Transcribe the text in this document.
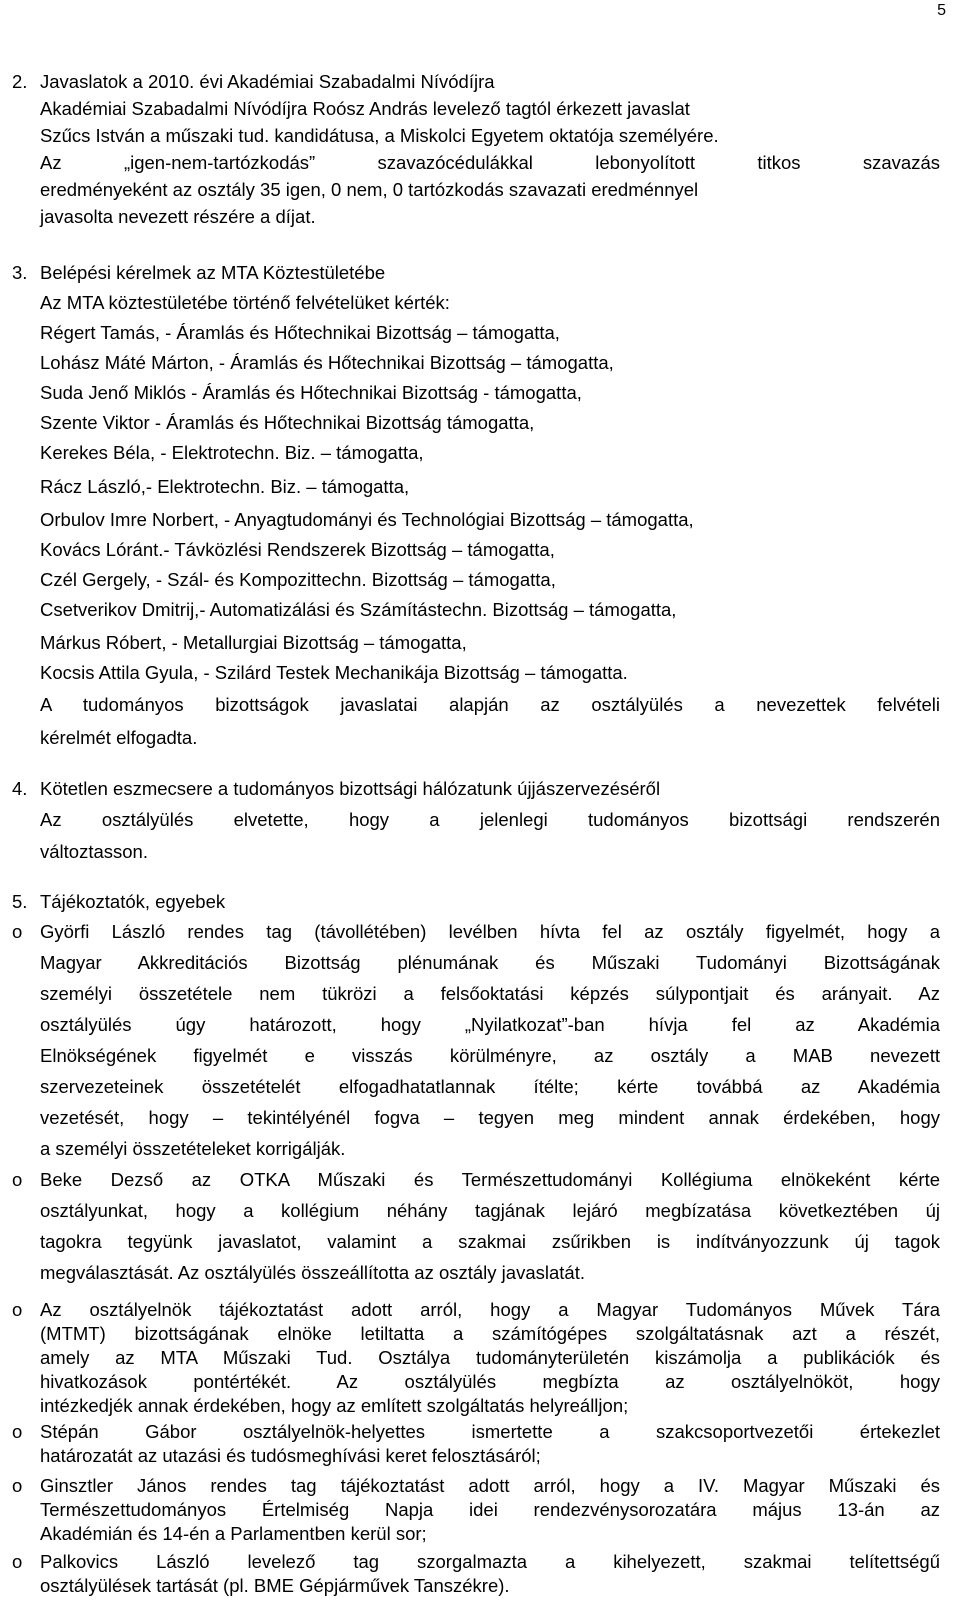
5
2. Javaslatok a 2010. évi Akadémiai Szabadalmi Nívódíjra
Akadémiai Szabadalmi Nívódíjra Roósz András levelező tagtól érkezett javaslat
Szűcs István a műszaki tud. kandidátusa, a Miskolci Egyetem oktatója személyére.
Az „igen-nem-tartózkodás” szavazócédulákkal lebonyolított titkos szavazás
eredményeként az osztály 35 igen, 0 nem, 0 tartózkodás szavazati eredménnyel
javasolta nevezett részére a díjat.
3. Belépési kérelmek az MTA Köztestületébe
Az MTA köztestületébe történő felvételüket kérték:
Régert Tamás, - Áramlás és Hőtechnikai Bizottság – támogatta,
Lohász Máté Márton, - Áramlás és Hőtechnikai Bizottság – támogatta,
Suda Jenő Miklós - Áramlás és Hőtechnikai Bizottság - támogatta,
Szente Viktor - Áramlás és Hőtechnikai Bizottság támogatta,
Kerekes Béla, - Elektrotechn. Biz. – támogatta,
Rácz László,- Elektrotechn. Biz. – támogatta,
Orbulov Imre Norbert, - Anyagtudományi és Technológiai Bizottság – támogatta,
Kovács Lóránt.- Távközlési Rendszerek Bizottság – támogatta,
Czél Gergely, - Szál- és Kompozittechn. Bizottság – támogatta,
Csetverikov Dmitrij,- Automatizálási és Számítástechn. Bizottság – támogatta,
Márkus Róbert, - Metallurgiai Bizottság – támogatta,
Kocsis Attila Gyula, - Szilárd Testek Mechanikája Bizottság – támogatta.
A tudományos bizottságok javaslatai alapján az osztályülés a nevezettek felvételi
kérelmét elfogadta.
4. Kötetlen eszmecsere a tudományos bizottsági hálózatunk újjászervezéséről
Az osztályülés elvetette, hogy a jelenlegi tudományos bizottsági rendszerén
változtasson.
5. Tájékoztatók, egyebek
o Györfi László rendes tag (távollétében) levélben hívta fel az osztály figyelmét, hogy a
Magyar Akkreditációs Bizottság plénumának és Műszaki Tudományi Bizottságának
személyi összetétele nem tükrözi a felsőoktatási képzés súlypontjait és arányait. Az
osztályülés úgy határozott, hogy „Nyilatkozat”-ban hívja fel az Akadémia
Elnökségének figyelmét e visszás körülményre, az osztály a MAB nevezett
szervezeteinek összetételét elfogadhatatlannak ítélte; kérte továbbá az Akadémia
vezetését, hogy – tekintélyénél fogva – tegyen meg mindent annak érdekében, hogy
a személyi összetételeket korrigálják.
o Beke Dezső az OTKA Műszaki és Természettudományi Kollégiuma elnökeként kérte
osztályunkat, hogy a kollégium néhány tagjának lejáró megbízatása következtében új
tagokra tegyünk javaslatot, valamint a szakmai zsűrikben is indítványozzunk új tagok
megválasztását. Az osztályülés összeállította az osztály javaslatát.
o Az osztályelnök tájékoztatást adott arról, hogy a Magyar Tudományos Művek Tára
(MTMT) bizottságának elnöke letiltatta a számítógépes szolgáltatásnak azt a részét,
amely az MTA Műszaki Tud. Osztálya tudományterületén kiszámolja a publikációk és
hivatkozások pontértékét. Az osztályülés megbízta az osztályelnököt, hogy
intézkedjék annak érdekében, hogy az említett szolgáltatás helyreálljon;
o Stépán Gábor osztályelnök-helyettes ismertette a szakcsoportvezetői értekezlet
határozatát az utazási és tudósmeghívási keret felosztásáról;
o Ginsztler János rendes tag tájékoztatást adott arról, hogy a IV. Magyar Műszaki és
Természettudományos Értelmiség Napja idei rendezvénysorozatára május 13-án az
Akadémián és 14-én a Parlamentben kerül sor;
o Palkovics László levelező tag szorgalmazta a kihelyezett, szakmai telítettségű
osztályülések tartását (pl. BME Gépjárművek Tanszékre).
